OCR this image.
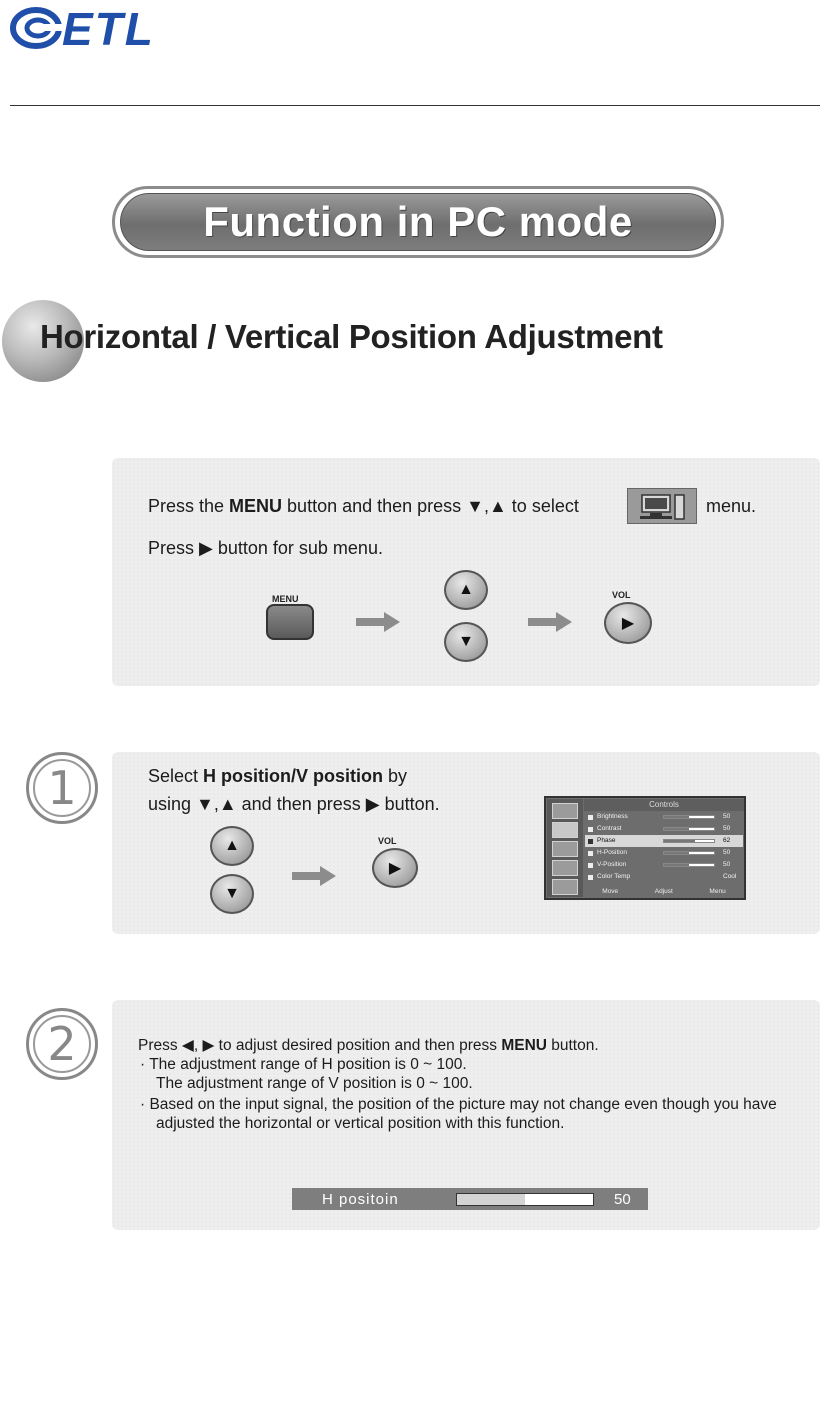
ETL
Function in PC mode
Horizontal / Vertical Position Adjustment
Press the MENU button and then press ▼,▲ to select	menu.
Press ▶ button for sub menu.
MENU
▲
▼
VOL
▶
1	Select H position/V position by
using ▼,▲ and then press ▶ button.
▲
▼
VOL
▶
Controls
Brightness	50
Contrast	50
Phase	62
H-Position	50
V-Position	50
Color Temp	Cool
Move	Adjust	Menu
2	Press ◀, ▶ to adjust desired position and then press MENU button.
· The adjustment range of H position is 0 ~ 100.
The adjustment range of V position is 0 ~ 100.
· Based on the input signal, the position of the picture may not change even though you have
adjusted the horizontal or vertical position with this function.
H positoin	50
